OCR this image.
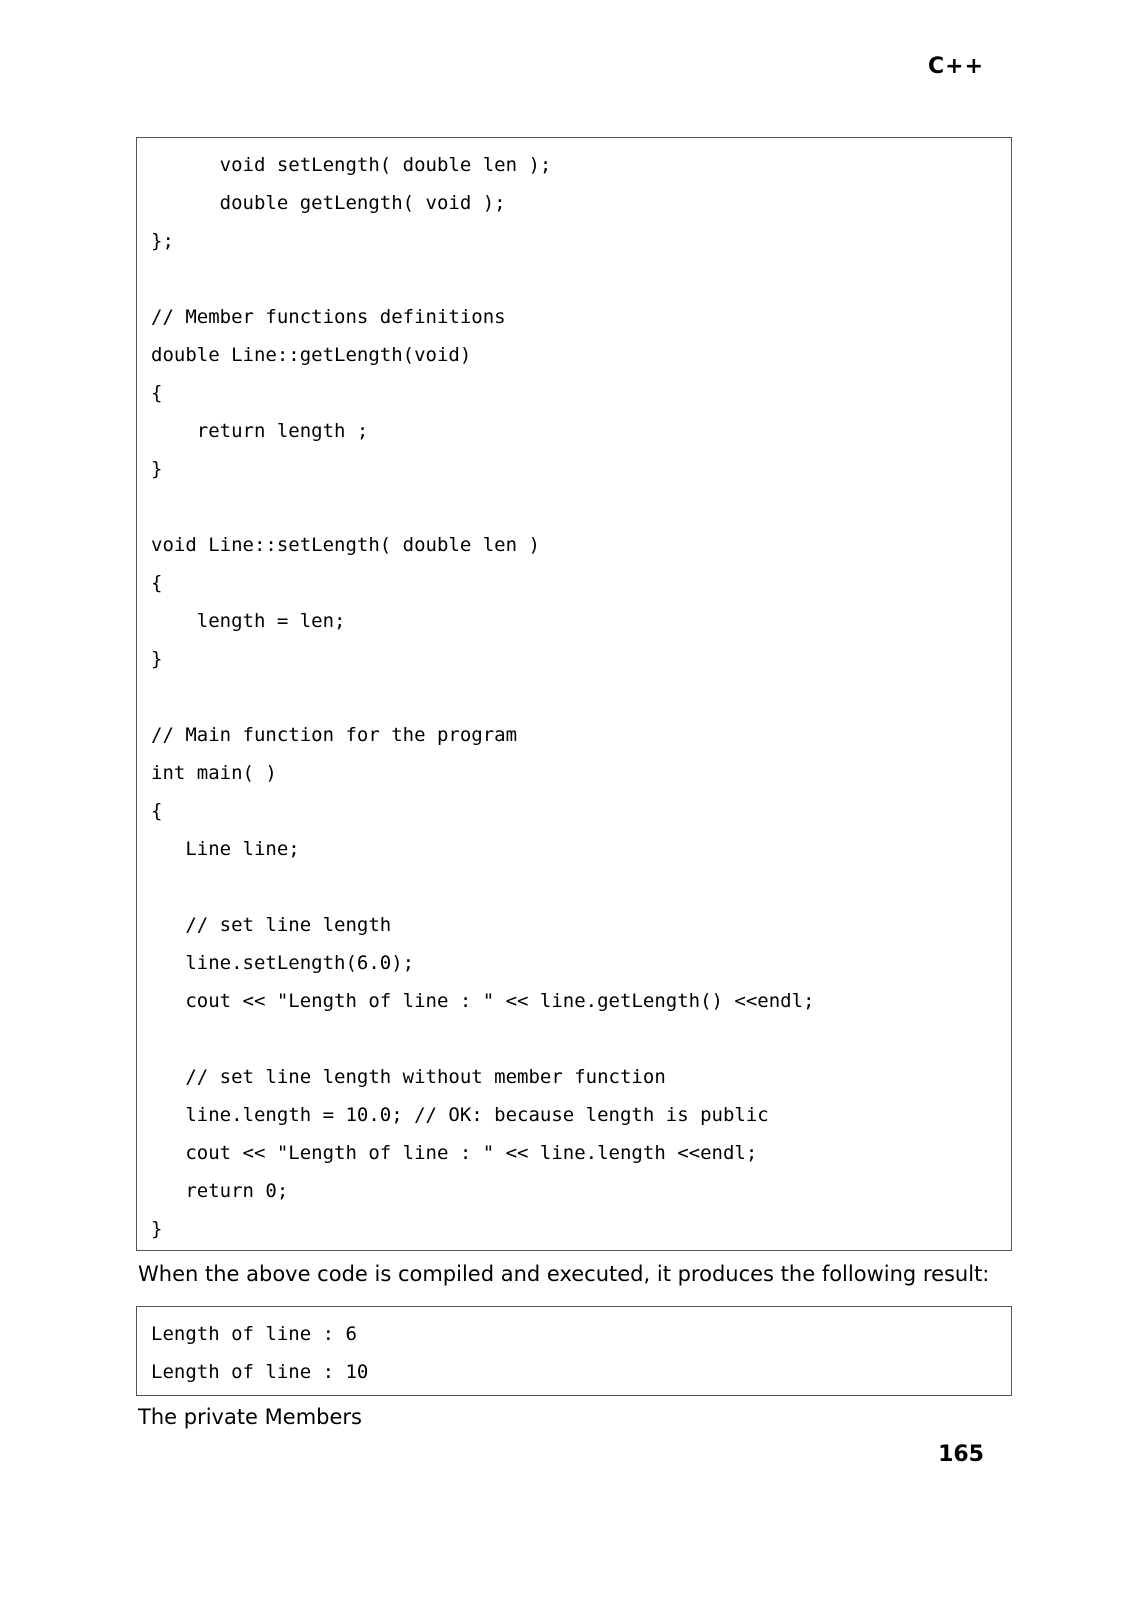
C++
void setLength( double len );
double getLength( void );
};
// Member functions definitions
double Line::getLength(void)
{
return length ;
}
void Line::setLength( double len )
{
length = len;
}
// Main function for the program
int main( )
{
Line line;
// set line length
line.setLength(6.0);
cout << "Length of line : " << line.getLength() <<endl;
// set line length without member function
line.length = 10.0; // OK: because length is public
cout << "Length of line : " << line.length <<endl;
return 0;
}
When the above code is compiled and executed, it produces the following result:
Length of line : 6
Length of line : 10
The private Members
165
